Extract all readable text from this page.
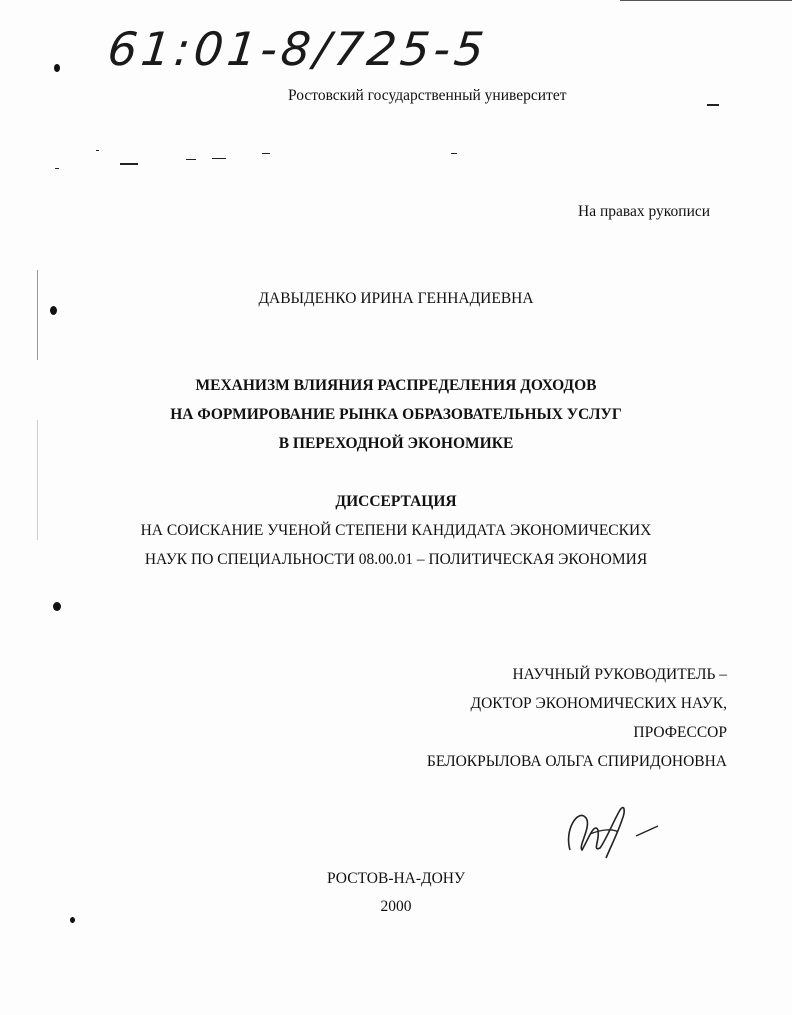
61:01-8/725-5
Ростовский государственный университет
На правах рукописи
ДАВЫДЕНКО ИРИНА ГЕННАДИЕВНА
МЕХАНИЗМ ВЛИЯНИЯ РАСПРЕДЕЛЕНИЯ ДОХОДОВ
НА ФОРМИРОВАНИЕ РЫНКА ОБРАЗОВАТЕЛЬНЫХ УСЛУГ
В ПЕРЕХОДНОЙ ЭКОНОМИКЕ
ДИССЕРТАЦИЯ
НА СОИСКАНИЕ УЧЕНОЙ СТЕПЕНИ КАНДИДАТА ЭКОНОМИЧЕСКИХ
НАУК ПО СПЕЦИАЛЬНОСТИ 08.00.01 – ПОЛИТИЧЕСКАЯ ЭКОНОМИЯ
НАУЧНЫЙ РУКОВОДИТЕЛЬ –
ДОКТОР ЭКОНОМИЧЕСКИХ НАУК,
ПРОФЕССОР
БЕЛОКРЫЛОВА ОЛЬГА СПИРИДОНОВНА
РОСТОВ-НА-ДОНУ
2000
